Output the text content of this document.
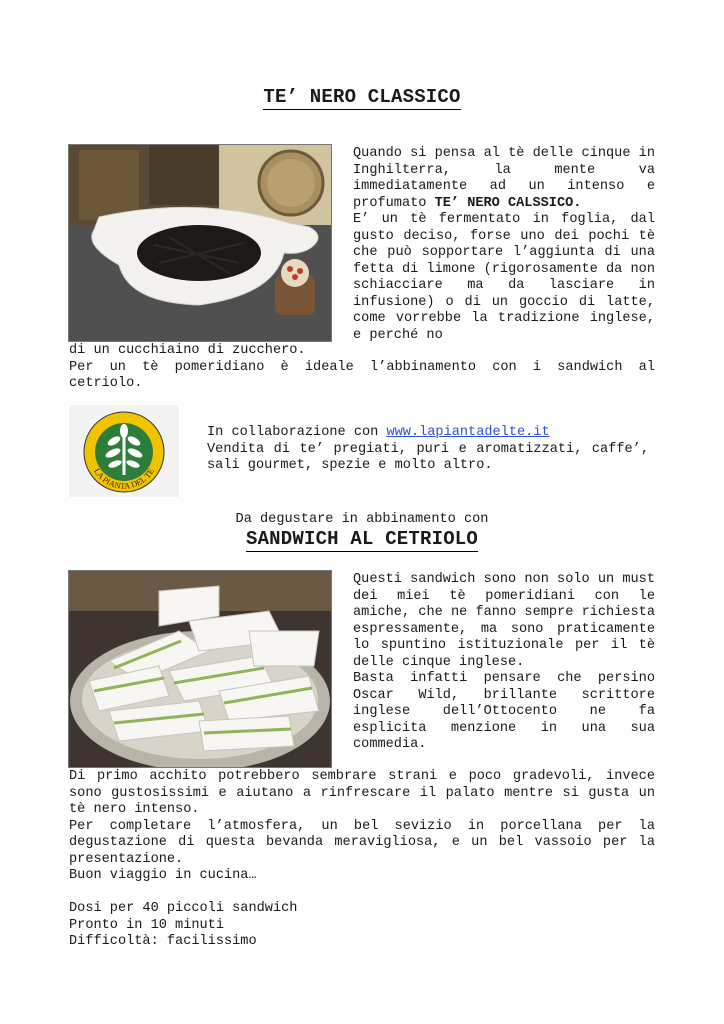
TE’ NERO CLASSICO

Quando si pensa al tè delle cinque in Inghilterra, la mente va immediatamente ad un intenso e profumato TE’ NERO CALSSICO.

E’ un tè fermentato in foglia, dal gusto deciso, forse uno dei pochi tè che può sopportare l’aggiunta di una fetta di limone (rigorosamente da non schiacciare ma da lasciare in infusione) o di un goccio di latte, come vorrebbe la tradizione inglese, e perché no

di un cucchiaino di zucchero.

Per un tè pomeridiano è ideale l’abbinamento con i sandwich al cetriolo.

LA PIANTA DEL TE

In collaborazione con www.lapiantadelte.it

Vendita di te’ pregiati, puri e aromatizzati, caffe’, sali gourmet, spezie e molto altro.

Da degustare in abbinamento con
SANDWICH AL CETRIOLO

Questi sandwich sono non solo un must dei miei tè pomeridiani con le amiche, che ne fanno sempre richiesta espressamente, ma sono praticamente lo spuntino istituzionale per il tè delle cinque inglese.

Basta infatti pensare che persino Oscar Wild, brillante scrittore inglese dell’Ottocento ne fa esplicita menzione in una sua commedia.

Di primo acchito potrebbero sembrare strani e poco gradevoli, invece sono gustosissimi e aiutano a rinfrescare il palato mentre si gusta un tè nero intenso.

Per completare l’atmosfera, un bel sevizio in porcellana per la degustazione di questa bevanda meravigliosa, e un bel vassoio per la presentazione.

Buon viaggio in cucina…

Dosi per 40 piccoli sandwich

Pronto in 10 minuti

Difficoltà: facilissimo
